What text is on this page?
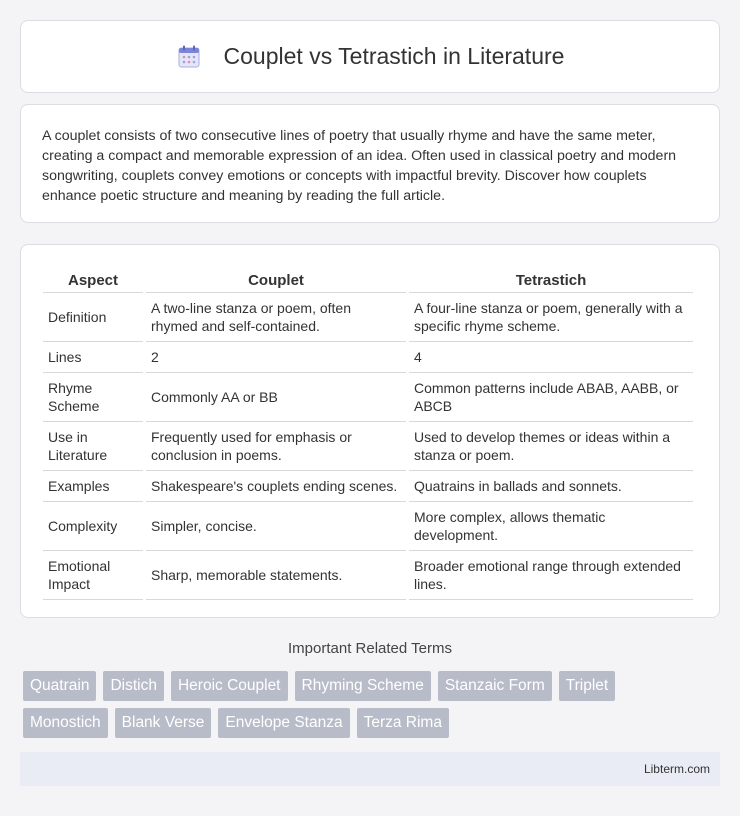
Couplet vs Tetrastich in Literature

A couplet consists of two consecutive lines of poetry that usually rhyme and have the same meter, creating a compact and memorable expression of an idea. Often used in classical poetry and modern songwriting, couplets convey emotions or concepts with impactful brevity. Discover how couplets enhance poetic structure and meaning by reading the full article.

Aspect	Couplet	Tetrastich
Definition	A two-line stanza or poem, often rhymed and self-contained.	A four-line stanza or poem, generally with a specific rhyme scheme.
Lines	2	4
Rhyme Scheme	Commonly AA or BB	Common patterns include ABAB, AABB, or ABCB
Use in Literature	Frequently used for emphasis or conclusion in poems.	Used to develop themes or ideas within a stanza or poem.
Examples	Shakespeare's couplets ending scenes.	Quatrains in ballads and sonnets.
Complexity	Simpler, concise.	More complex, allows thematic development.
Emotional Impact	Sharp, memorable statements.	Broader emotional range through extended lines.
Important Related Terms
Quatrain	Distich	Heroic Couplet	Rhyming Scheme	Stanzaic Form	Triplet
Monostich	Blank Verse	Envelope Stanza	Terza Rima
Libterm.com
